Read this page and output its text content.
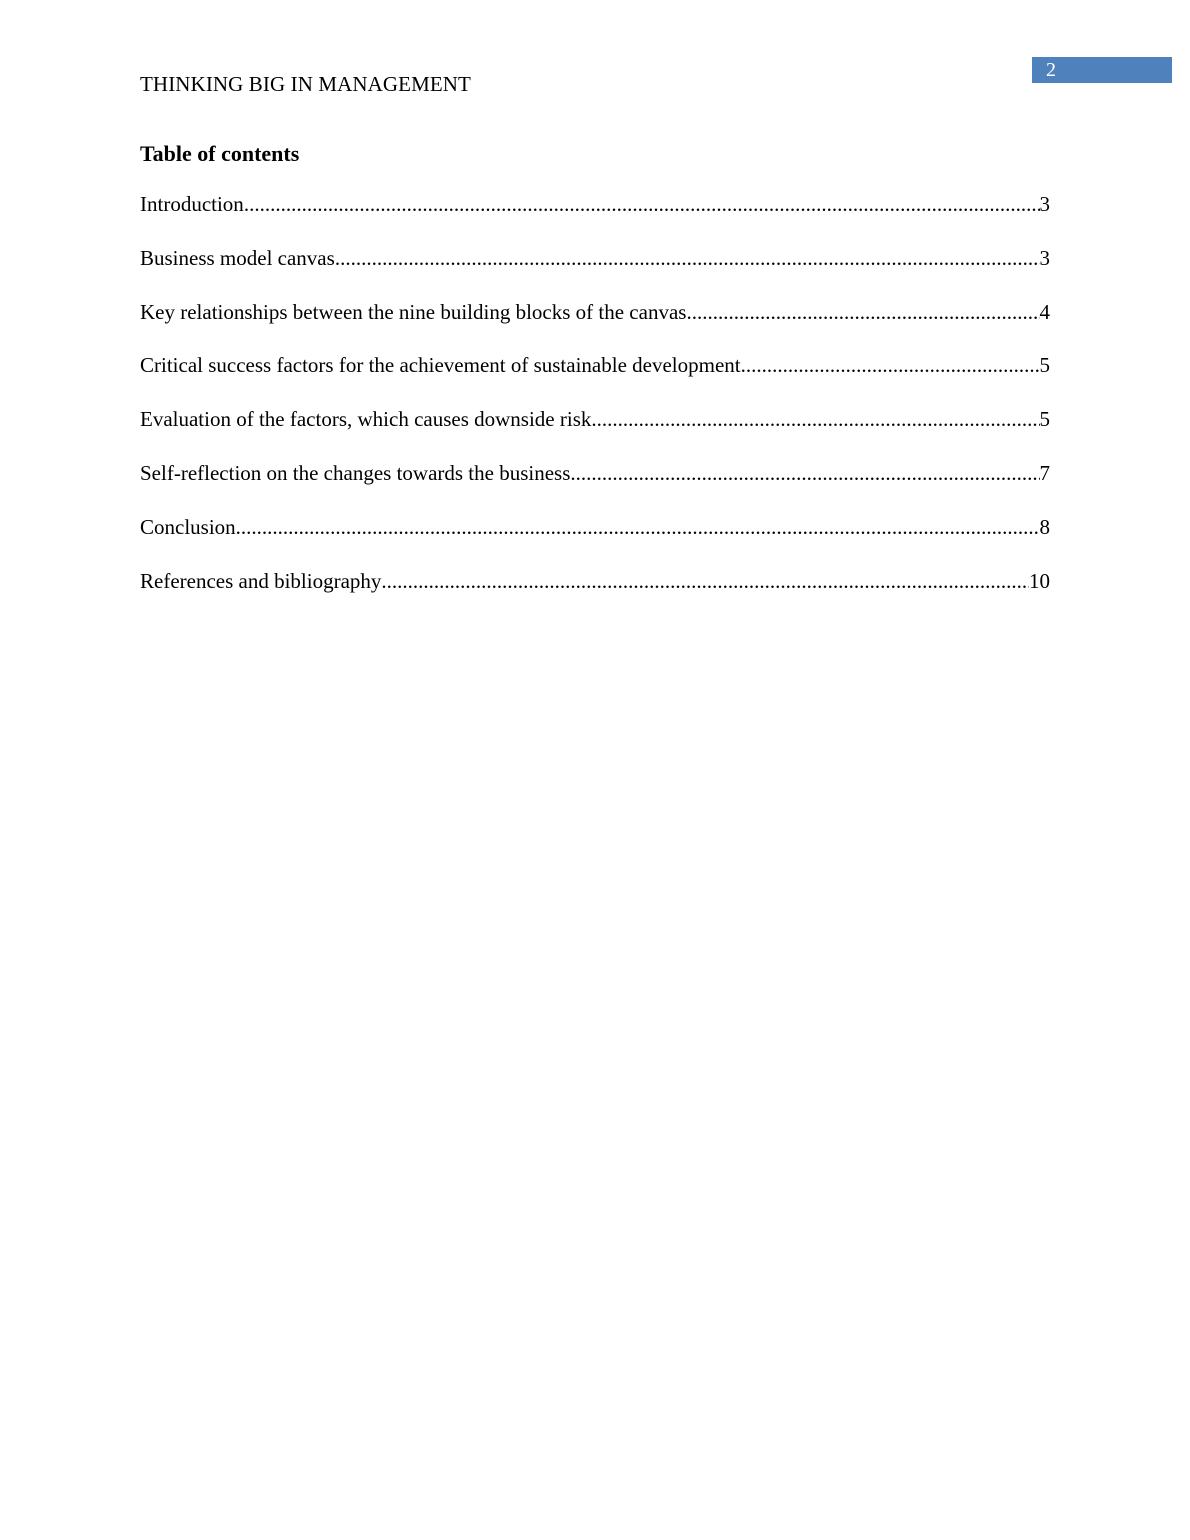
2
THINKING BIG IN MANAGEMENT
Table of contents
Introduction .....	3
Business model canvas .....	3
Key relationships between the nine building blocks of the canvas .....	4
Critical success factors for the achievement of sustainable development .....	5
Evaluation of the factors, which causes downside risk .....	5
Self-reflection on the changes towards the business .....	7
Conclusion .....	8
References and bibliography .....	10
